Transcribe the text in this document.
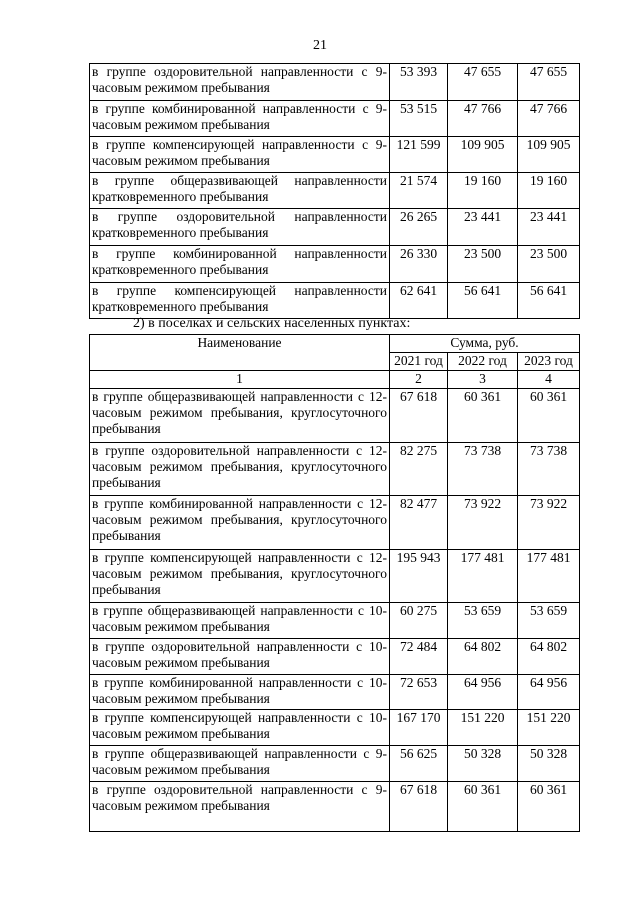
21
в группе оздоровительной направленности с 9-часовым режимом пребывания	53 393	47 655	47 655
в группе комбинированной направленности с 9-часовым режимом пребывания	53 515	47 766	47 766
в группе компенсирующей направленности с 9-часовым режимом пребывания	121 599	109 905	109 905
в группе общеразвивающей направленности кратковременного пребывания	21 574	19 160	19 160
в группе оздоровительной направленности кратковременного пребывания	26 265	23 441	23 441
в группе комбинированной направленности кратковременного пребывания	26 330	23 500	23 500
в группе компенсирующей направленности кратковременного пребывания	62 641	56 641	56 641
2) в поселках и сельских населенных пунктах:
Наименование	Сумма, руб.		
	2021 год	2022 год	2023 год
1	2	3	4
в группе общеразвивающей направленности с 12-часовым режимом пребывания, круглосуточного пребывания	67 618	60 361	60 361
в группе оздоровительной направленности с 12-часовым режимом пребывания, круглосуточного пребывания	82 275	73 738	73 738
в группе комбинированной направленности с 12-часовым режимом пребывания, круглосуточного пребывания	82 477	73 922	73 922
в группе компенсирующей направленности с 12-часовым режимом пребывания, круглосуточного пребывания	195 943	177 481	177 481
в группе общеразвивающей направленности с 10-часовым режимом пребывания	60 275	53 659	53 659
в группе оздоровительной направленности с 10-часовым режимом пребывания	72 484	64 802	64 802
в группе комбинированной направленности с 10-часовым режимом пребывания	72 653	64 956	64 956
в группе компенсирующей направленности с 10-часовым режимом пребывания	167 170	151 220	151 220
в группе общеразвивающей направленности с 9-часовым режимом пребывания	56 625	50 328	50 328
в группе оздоровительной направленности с 9-часовым режимом пребывания	67 618	60 361	60 361
